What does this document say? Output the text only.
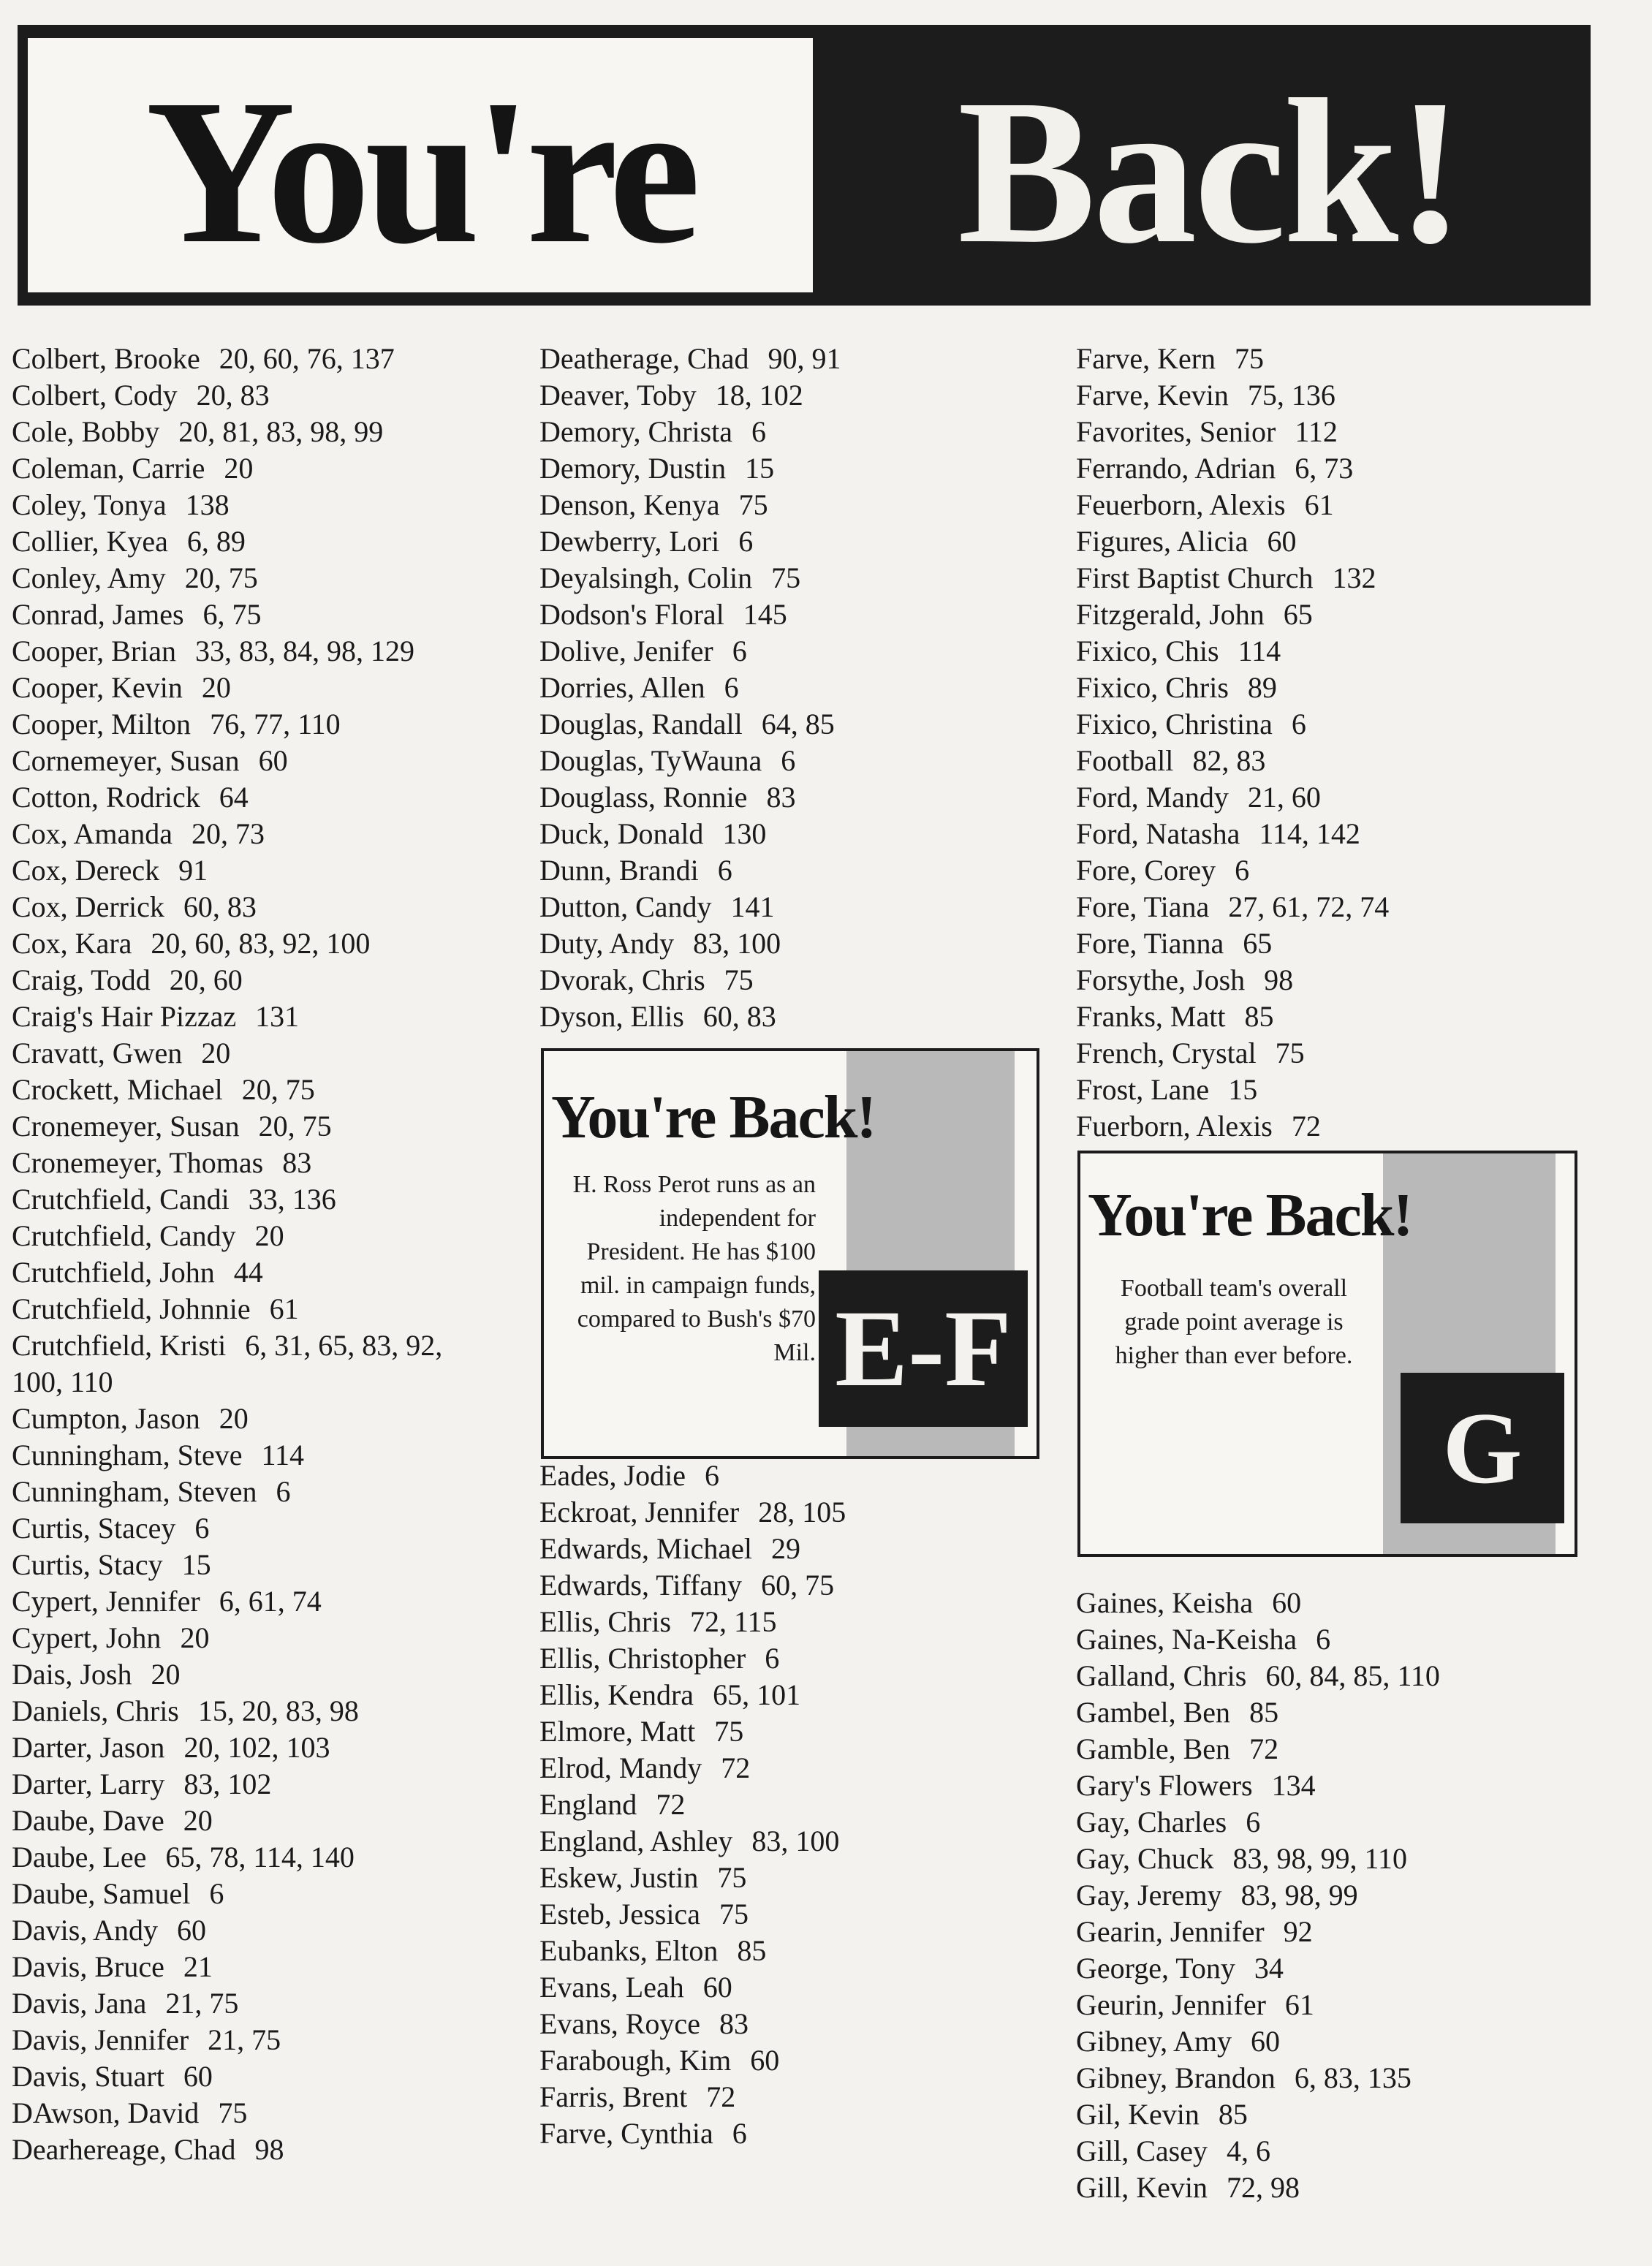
You're Back!
Colbert, Brooke 20, 60, 76, 137
Colbert, Cody 20, 83
Cole, Bobby 20, 81, 83, 98, 99
Coleman, Carrie 20
Coley, Tonya 138
Collier, Kyea 6, 89
Conley, Amy 20, 75
Conrad, James 6, 75
Cooper, Brian 33, 83, 84, 98, 129
Cooper, Kevin 20
Cooper, Milton 76, 77, 110
Cornemeyer, Susan 60
Cotton, Rodrick 64
Cox, Amanda 20, 73
Cox, Dereck 91
Cox, Derrick 60, 83
Cox, Kara 20, 60, 83, 92, 100
Craig, Todd 20, 60
Craig's Hair Pizzaz 131
Cravatt, Gwen 20
Crockett, Michael 20, 75
Cronemeyer, Susan 20, 75
Cronemeyer, Thomas 83
Crutchfield, Candi 33, 136
Crutchfield, Candy 20
Crutchfield, John 44
Crutchfield, Johnnie 61
Crutchfield, Kristi 6, 31, 65, 83, 92,
100, 110
Cumpton, Jason 20
Cunningham, Steve 114
Cunningham, Steven 6
Curtis, Stacey 6
Curtis, Stacy 15
Cypert, Jennifer 6, 61, 74
Cypert, John 20
Dais, Josh 20
Daniels, Chris 15, 20, 83, 98
Darter, Jason 20, 102, 103
Darter, Larry 83, 102
Daube, Dave 20
Daube, Lee 65, 78, 114, 140
Daube, Samuel 6
Davis, Andy 60
Davis, Bruce 21
Davis, Jana 21, 75
Davis, Jennifer 21, 75
Davis, Stuart 60
DAwson, David 75
Dearhereage, Chad 98
Deatherage, Chad 90, 91
Deaver, Toby 18, 102
Demory, Christa 6
Demory, Dustin 15
Denson, Kenya 75
Dewberry, Lori 6
Deyalsingh, Colin 75
Dodson's Floral 145
Dolive, Jenifer 6
Dorries, Allen 6
Douglas, Randall 64, 85
Douglas, TyWauna 6
Douglass, Ronnie 83
Duck, Donald 130
Dunn, Brandi 6
Dutton, Candy 141
Duty, Andy 83, 100
Dvorak, Chris 75
Dyson, Ellis 60, 83
Eades, Jodie 6
Eckroat, Jennifer 28, 105
Edwards, Michael 29
Edwards, Tiffany 60, 75
Ellis, Chris 72, 115
Ellis, Christopher 6
Ellis, Kendra 65, 101
Elmore, Matt 75
Elrod, Mandy 72
England 72
England, Ashley 83, 100
Eskew, Justin 75
Esteb, Jessica 75
Eubanks, Elton 85
Evans, Leah 60
Evans, Royce 83
Farabough, Kim 60
Farris, Brent 72
Farve, Cynthia 6
Farve, Kern 75
Farve, Kevin 75, 136
Favorites, Senior 112
Ferrando, Adrian 6, 73
Feuerborn, Alexis 61
Figures, Alicia 60
First Baptist Church 132
Fitzgerald, John 65
Fixico, Chis 114
Fixico, Chris 89
Fixico, Christina 6
Football 82, 83
Ford, Mandy 21, 60
Ford, Natasha 114, 142
Fore, Corey 6
Fore, Tiana 27, 61, 72, 74
Fore, Tianna 65
Forsythe, Josh 98
Franks, Matt 85
French, Crystal 75
Frost, Lane 15
Fuerborn, Alexis 72
Gaines, Keisha 60
Gaines, Na-Keisha 6
Galland, Chris 60, 84, 85, 110
Gambel, Ben 85
Gamble, Ben 72
Gary's Flowers 134
Gay, Charles 6
Gay, Chuck 83, 98, 99, 110
Gay, Jeremy 83, 98, 99
Gearin, Jennifer 92
George, Tony 34
Geurin, Jennifer 61
Gibney, Amy 60
Gibney, Brandon 6, 83, 135
Gil, Kevin 85
Gill, Casey 4, 6
Gill, Kevin 72, 98
You're Back!
H. Ross Perot runs as an independent for President. He has $100 mil. in campaign funds, compared to Bush's $70 Mil. E-F
You're Back!
Football team's overall grade point average is higher than ever before.
G
